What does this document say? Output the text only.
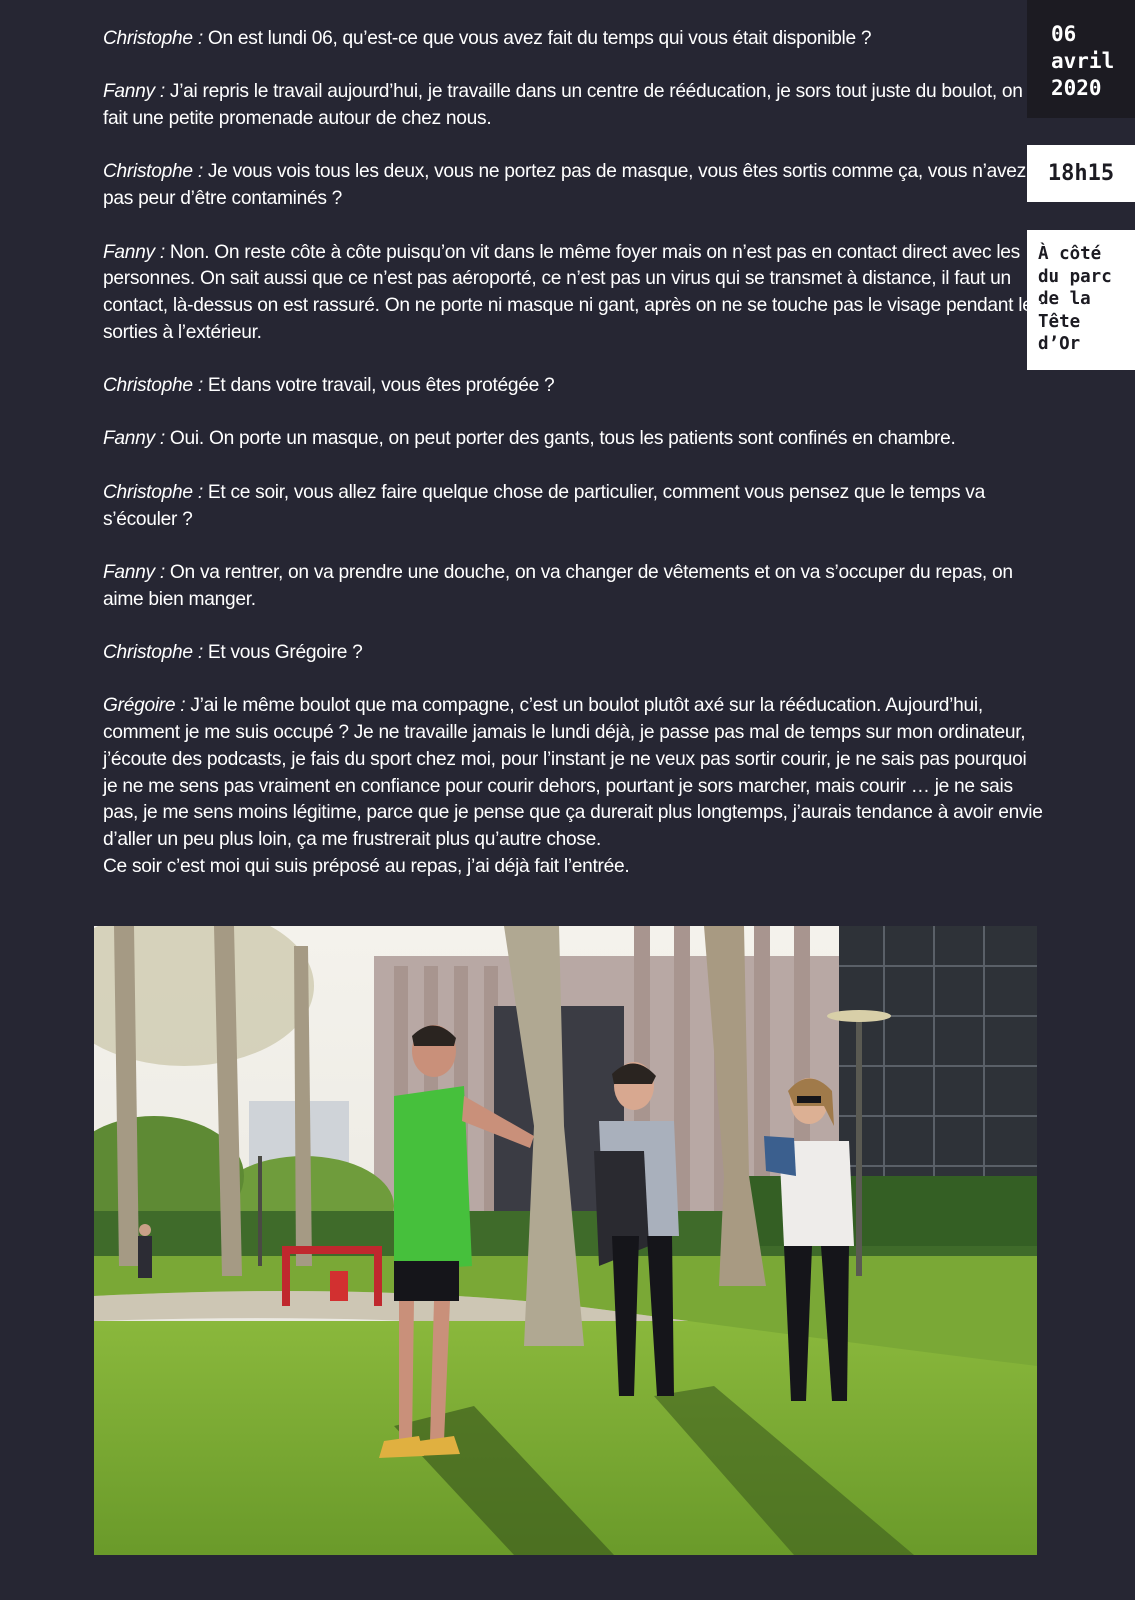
06
avril
2020
18h15
À côté
du parc
de la
Tête
d’Or

Christophe : On est lundi 06, qu’est-ce que vous avez fait du temps qui vous était disponible ?

Fanny : J’ai repris le travail aujourd’hui, je travaille dans un centre de rééducation, je sors tout juste du boulot, on fait une petite promenade autour de chez nous.

Christophe : Je vous vois tous les deux, vous ne portez pas de masque, vous êtes sortis comme ça, vous n’avez pas peur d’être contaminés ?

Fanny : Non. On reste côte à côte puisqu’on vit dans le même foyer mais on n’est pas en contact direct avec les personnes. On sait aussi que ce n’est pas aéroporté, ce n’est pas un virus qui se transmet à distance, il faut un contact, là-dessus on est rassuré. On ne porte ni masque ni gant, après on ne se touche pas le visage pendant les sorties à l’extérieur.

Christophe : Et dans votre travail, vous êtes protégée ?

Fanny : Oui. On porte un masque, on peut porter des gants, tous les patients sont confinés en chambre.

Christophe : Et ce soir, vous allez faire quelque chose de particulier, comment vous pensez que le temps va s’écouler ?

Fanny : On va rentrer, on va prendre une douche, on va changer de vêtements et on va s’occuper du repas, on aime bien manger.

Christophe : Et vous Grégoire ?

Grégoire : J’ai le même boulot que ma compagne, c’est un boulot plutôt axé sur la rééducation. Aujourd’hui, comment je me suis occupé ? Je ne travaille jamais le lundi déjà, je passe pas mal de temps sur mon ordinateur, j’écoute des podcasts, je fais du sport chez moi, pour l’instant je ne veux pas sortir courir, je ne sais pas pourquoi je ne me sens pas vraiment en confiance pour courir dehors, pourtant je sors marcher, mais courir … je ne sais pas, je me sens moins légitime, parce que je pense que ça durerait plus longtemps, j’aurais tendance à avoir envie d’aller un peu plus loin, ça me frustrerait plus qu’autre chose.

Ce soir c’est moi qui suis préposé au repas, j’ai déjà fait l’entrée.
